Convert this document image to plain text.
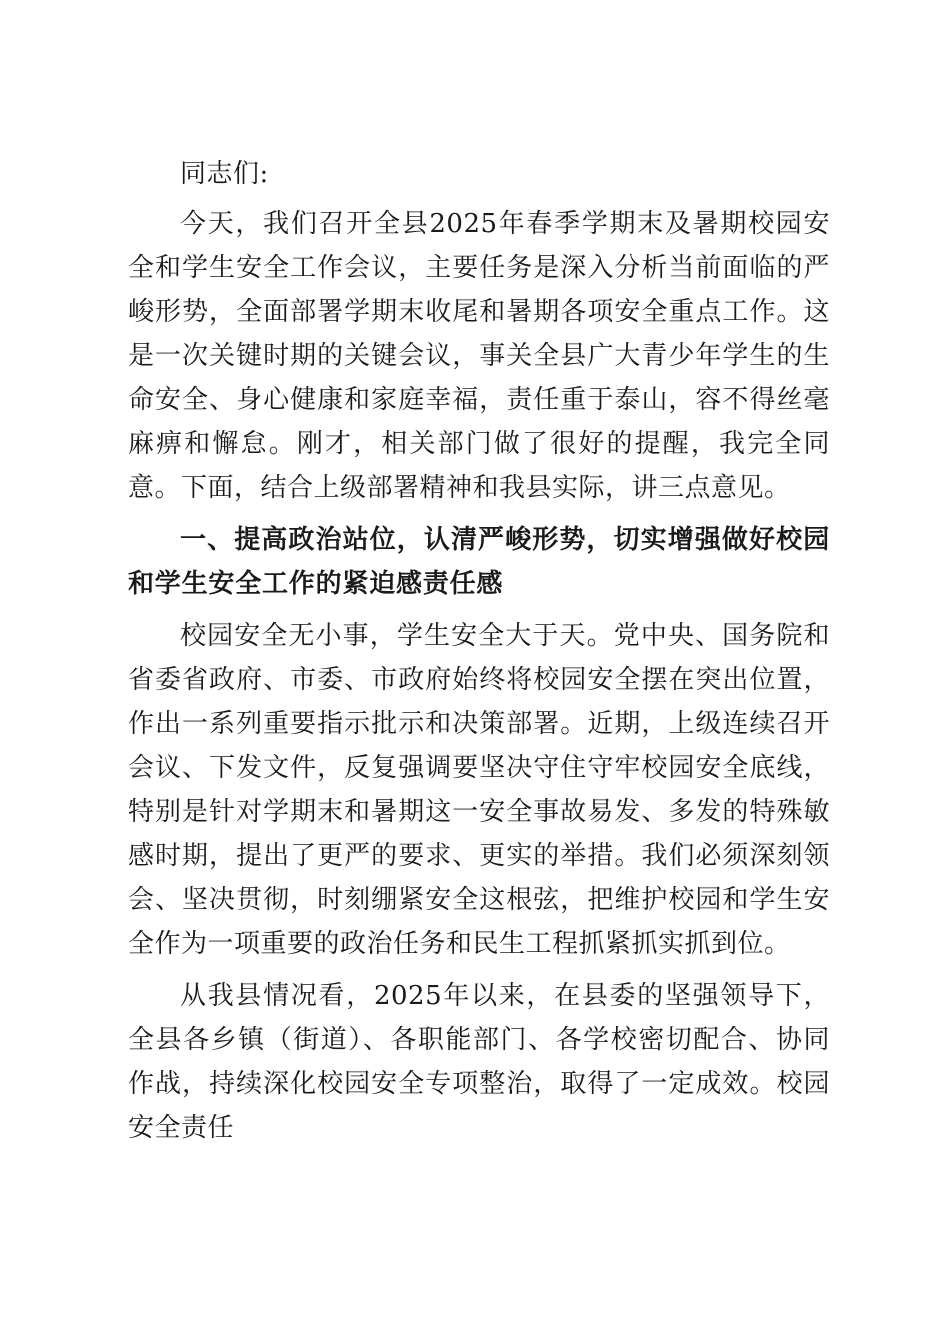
同志们:
今天，我们召开全县2025年春季学期末及暑期校园安全和学生安全工作会议，主要任务是深入分析当前面临的严峻形势，全面部署学期末收尾和暑期各项安全重点工作。这是一次关键时期的关键会议，事关全县广大青少年学生的生命安全、身心健康和家庭幸福，责任重于泰山，容不得丝毫麻痹和懈怠。刚才，相关部门做了很好的提醒，我完全同意。下面，结合上级部署精神和我县实际，讲三点意见。
一、提高政治站位，认清严峻形势，切实增强做好校园和学生安全工作的紧迫感责任感
校园安全无小事，学生安全大于天。党中央、国务院和省委省政府、市委、市政府始终将校园安全摆在突出位置，作出一系列重要指示批示和决策部署。近期，上级连续召开会议、下发文件，反复强调要坚决守住守牢校园安全底线，特别是针对学期末和暑期这一安全事故易发、多发的特殊敏感时期，提出了更严的要求、更实的举措。我们必须深刻领会、坚决贯彻，时刻绷紧安全这根弦，把维护校园和学生安全作为一项重要的政治任务和民生工程抓紧抓实抓到位。
从我县情况看，2025年以来，在县委的坚强领导下，全县各乡镇（街道）、各职能部门、各学校密切配合、协同作战，持续深化校园安全专项整治，取得了一定成效。校园安全责任
